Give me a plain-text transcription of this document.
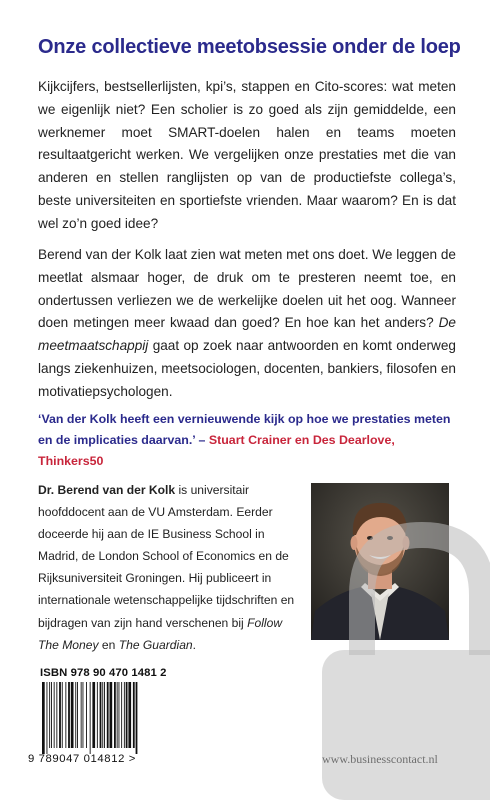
Onze collectieve meetobsessie onder de loep
Kijkcijfers, bestsellerlijsten, kpi’s, stappen en Cito-scores: wat meten we eigenlijk niet? Een scholier is zo goed als zijn gemiddelde, een werknemer moet SMART-doelen halen en teams moeten resultaatgericht werken. We vergelijken onze prestaties met die van anderen en stellen ranglijsten op van de productiefste collega’s, beste universiteiten en sportiefste vrienden. Maar waarom? En is dat wel zo’n goed idee?
Berend van der Kolk laat zien wat meten met ons doet. We leggen de meetlat alsmaar hoger, de druk om te presteren neemt toe, en ondertussen verliezen we de werkelijke doelen uit het oog. Wanneer doen metingen meer kwaad dan goed? En hoe kan het anders? De meetmaatschappij gaat op zoek naar antwoorden en komt onderweg langs ziekenhuizen, meetsociologen, docenten, bankiers, filosofen en motivatiepsychologen.
‘Van der Kolk heeft een vernieuwende kijk op hoe we prestaties meten en de implicaties daarvan.’ – Stuart Crainer en Des Dearlove, Thinkers50
Dr. Berend van der Kolk is universitair hoofddocent aan de VU Amsterdam. Eerder doceerde hij aan de IE Business School in Madrid, de London School of Economics en de Rijksuniversiteit Groningen. Hij publiceert in internationale wetenschappelijke tijdschriften en bijdragen van zijn hand verschenen bij Follow The Money en The Guardian.
ISBN 978 90 470 1481 2
9 789047 014812 >
